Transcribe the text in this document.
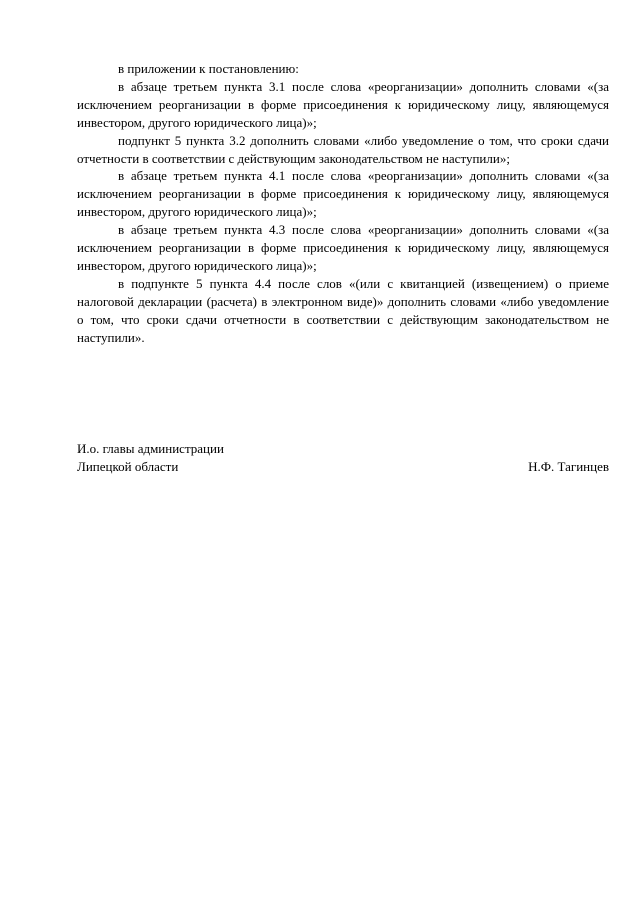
в приложении к постановлению:

в абзаце третьем пункта 3.1 после слова «реорганизации» дополнить словами «(за исключением реорганизации в форме присоединения к юридическому лицу, являющемуся инвестором, другого юридического лица)»;

подпункт 5 пункта 3.2 дополнить словами «либо уведомление о том, что сроки сдачи отчетности в соответствии с действующим законодательством не наступили»;

в абзаце третьем пункта 4.1 после слова «реорганизации» дополнить словами «(за исключением реорганизации в форме присоединения к юридическому лицу, являющемуся инвестором, другого юридического лица)»;

в абзаце третьем пункта 4.3 после слова «реорганизации» дополнить словами «(за исключением реорганизации в форме присоединения к юридическому лицу, являющемуся инвестором, другого юридического лица)»;

в подпункте 5 пункта 4.4 после слов «(или с квитанцией (извещением) о приеме налоговой декларации (расчета) в электронном виде)» дополнить словами «либо уведомление о том, что сроки сдачи отчетности в соответствии с действующим законодательством не наступили».

И.о. главы администрации
Липецкой области	Н.Ф. Тагинцев
